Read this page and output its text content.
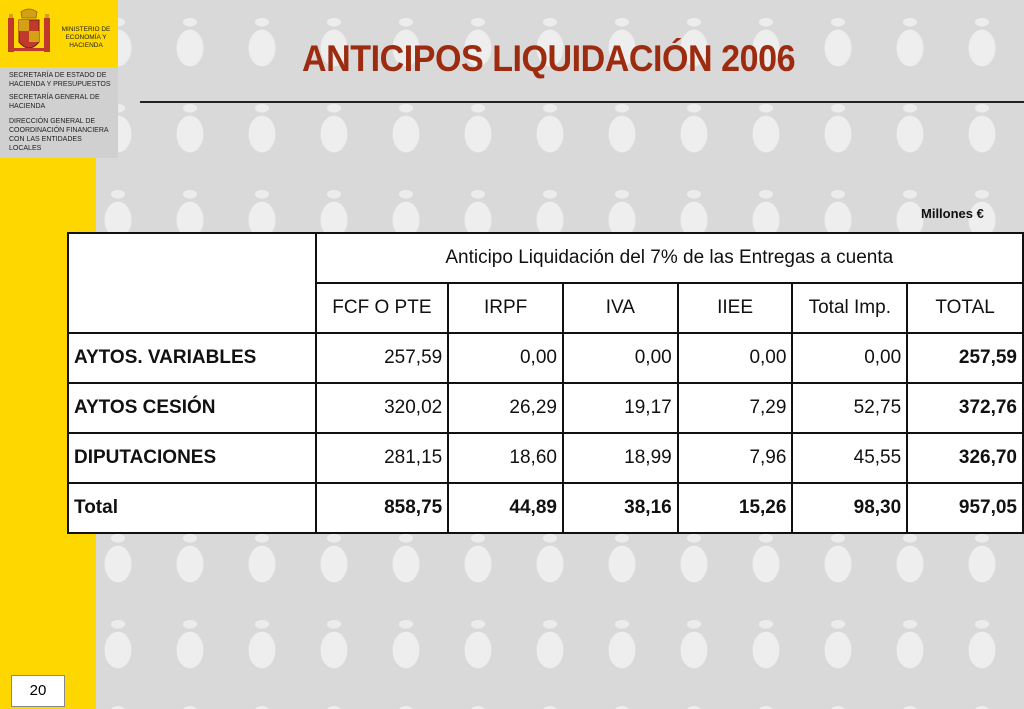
MINISTERIO DE ECONOMÍA Y HACIENDA
SECRETARÍA DE ESTADO DE HACIENDA Y PRESUPUESTOS
SECRETARÍA GENERAL DE HACIENDA
DIRECCIÓN GENERAL DE COORDINACIÓN FINANCIERA CON LAS ENTIDADES LOCALES
ANTICIPOS LIQUIDACIÓN 2006
Millones €
	Anticipo Liquidación del 7% de las Entregas a cuenta					
	FCF O PTE	IRPF	IVA	IIEE	Total Imp.	TOTAL
AYTOS. VARIABLES	257,59	0,00	0,00	0,00	0,00	257,59
AYTOS CESIÓN	320,02	26,29	19,17	7,29	52,75	372,76
DIPUTACIONES	281,15	18,60	18,99	7,96	45,55	326,70
Total	858,75	44,89	38,16	15,26	98,30	957,05
20
